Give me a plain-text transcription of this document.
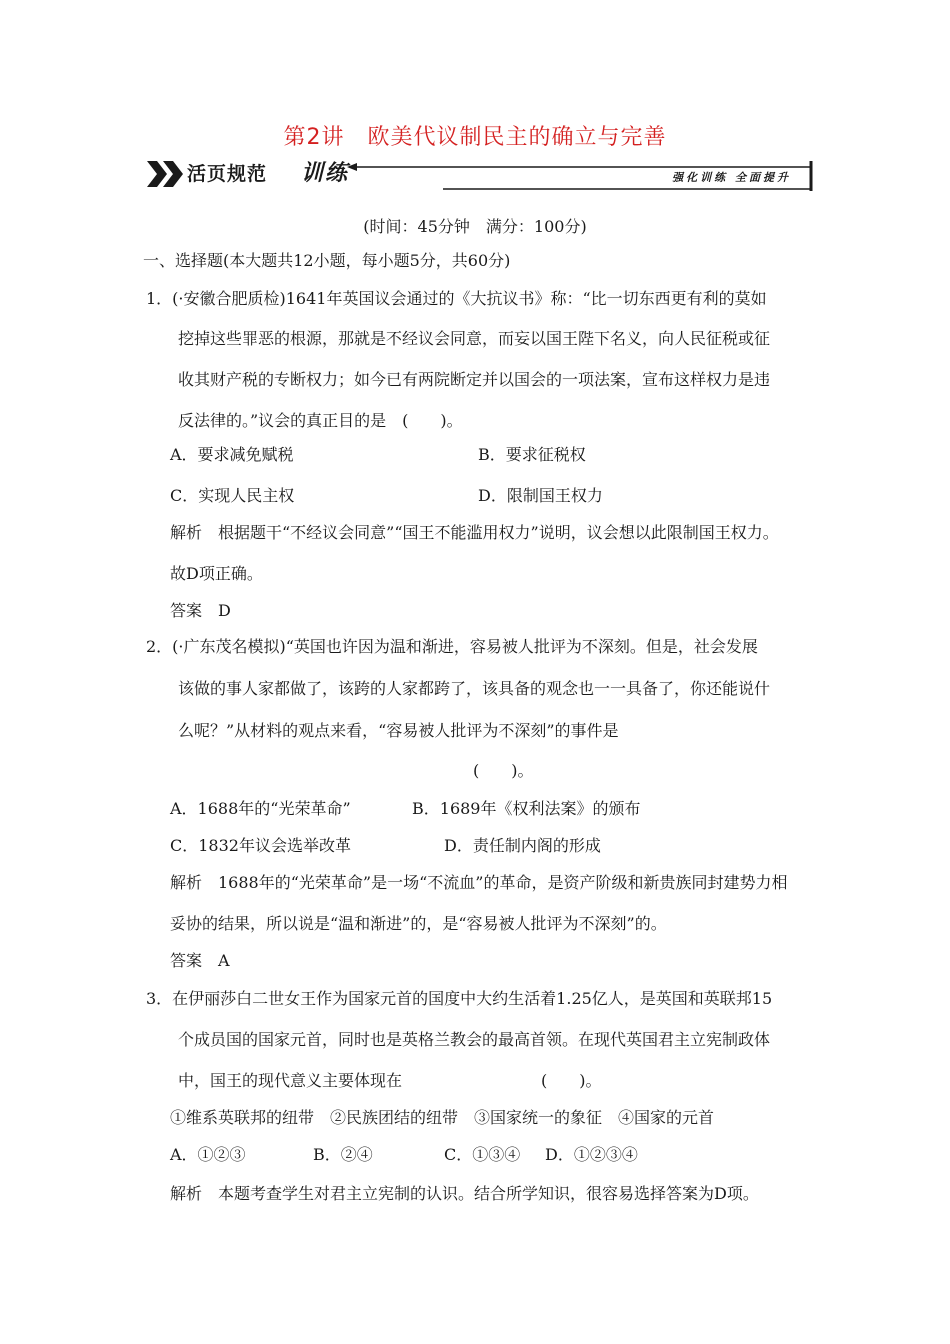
第2讲　欧美代议制民主的确立与完善
活页规范 训练	强化训练 全面提升
(时间：45分钟　满分：100分)
一、选择题(本大题共12小题，每小题5分，共60分)
1．(·安徽合肥质检)1641年英国议会通过的《大抗议书》称：“比一切东西更有利的莫如
挖掉这些罪恶的根源，那就是不经议会同意，而妄以国王陛下名义，向人民征税或征
收其财产税的专断权力；如今已有两院断定并以国会的一项法案，宣布这样权力是违
反法律的。”议会的真正目的是　(　　)。
A．要求减免赋税	B．要求征税权
C．实现人民主权	D．限制国王权力
解析　根据题干“不经议会同意”“国王不能滥用权力”说明，议会想以此限制国王权力。
故D项正确。
答案　D
2．(·广东茂名模拟)“英国也许因为温和渐进，容易被人批评为不深刻。但是，社会发展
该做的事人家都做了，该跨的人家都跨了，该具备的观念也一一具备了，你还能说什
么呢？”从材料的观点来看，“容易被人批评为不深刻”的事件是
(　　)。
A．1688年的“光荣革命”	B．1689年《权利法案》的颁布
C．1832年议会选举改革	D．责任制内阁的形成
解析　1688年的“光荣革命”是一场“不流血”的革命，是资产阶级和新贵族同封建势力相
妥协的结果，所以说是“温和渐进”的，是“容易被人批评为不深刻”的。
答案　A
3．在伊丽莎白二世女王作为国家元首的国度中大约生活着1.25亿人，是英国和英联邦15
个成员国的国家元首，同时也是英格兰教会的最高首领。在现代英国君主立宪制政体
中，国王的现代意义主要体现在	(　　)。
①维系英联邦的纽带　②民族团结的纽带　③国家统一的象征　④国家的元首
A．①②③	B．②④	C．①③④ D．①②③④
解析　本题考查学生对君主立宪制的认识。结合所学知识，很容易选择答案为D项。
